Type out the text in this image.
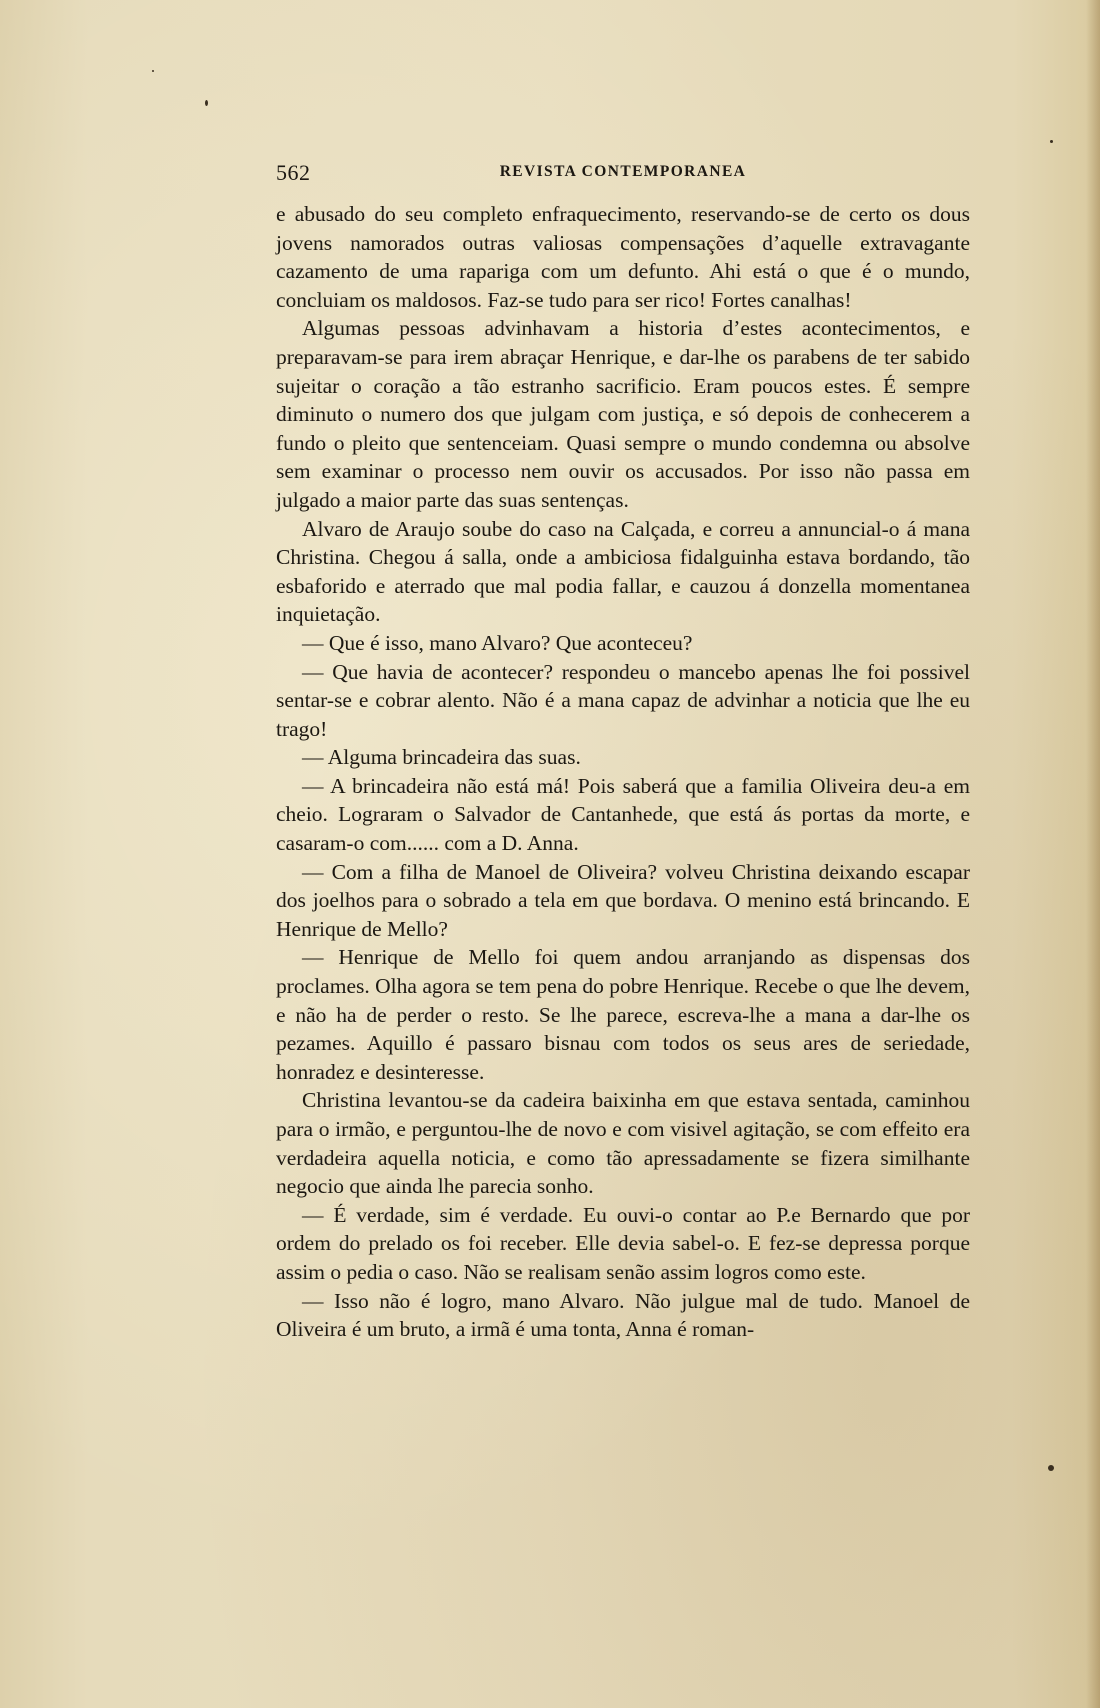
562	REVISTA CONTEMPORANEA

e abusado do seu completo enfraquecimento, reservando-se de certo os dous jovens namorados outras valiosas compensações d’aquelle extravagante cazamento de uma rapariga com um defunto. Ahi está o que é o mundo, concluiam os maldosos. Faz-se tudo para ser rico! Fortes canalhas!

Algumas pessoas advinhavam a historia d’estes acontecimentos, e preparavam-se para irem abraçar Henrique, e dar-lhe os parabens de ter sabido sujeitar o coração a tão estranho sacrificio. Eram poucos estes. É sempre diminuto o numero dos que julgam com justiça, e só depois de conhecerem a fundo o pleito que sentenceiam. Quasi sempre o mundo condemna ou absolve sem examinar o processo nem ouvir os accusados. Por isso não passa em julgado a maior parte das suas sentenças.

Alvaro de Araujo soube do caso na Calçada, e correu a annuncial-o á mana Christina. Chegou á salla, onde a ambiciosa fidalguinha estava bordando, tão esbaforido e aterrado que mal podia fallar, e cauzou á donzella momentanea inquietação.

— Que é isso, mano Alvaro? Que aconteceu?

— Que havia de acontecer? respondeu o mancebo apenas lhe foi possivel sentar-se e cobrar alento. Não é a mana capaz de advinhar a noticia que lhe eu trago!

— Alguma brincadeira das suas.

— A brincadeira não está má! Pois saberá que a familia Oliveira deu-a em cheio. Lograram o Salvador de Cantanhede, que está ás portas da morte, e casaram-o com...... com a D. Anna.

— Com a filha de Manoel de Oliveira? volveu Christina deixando escapar dos joelhos para o sobrado a tela em que bordava. O menino está brincando. E Henrique de Mello?

— Henrique de Mello foi quem andou arranjando as dispensas dos proclames. Olha agora se tem pena do pobre Henrique. Recebe o que lhe devem, e não ha de perder o resto. Se lhe parece, escreva-lhe a mana a dar-lhe os pezames. Aquillo é passaro bisnau com todos os seus ares de seriedade, honradez e desinteresse.

Christina levantou-se da cadeira baixinha em que estava sentada, caminhou para o irmão, e perguntou-lhe de novo e com visivel agitação, se com effeito era verdadeira aquella noticia, e como tão apressadamente se fizera similhante negocio que ainda lhe parecia sonho.

— É verdade, sim é verdade. Eu ouvi-o contar ao P.e Bernardo que por ordem do prelado os foi receber. Elle devia sabel-o. E fez-se depressa porque assim o pedia o caso. Não se realisam senão assim logros como este.

— Isso não é logro, mano Alvaro. Não julgue mal de tudo. Manoel de Oliveira é um bruto, a irmã é uma tonta, Anna é roman-
